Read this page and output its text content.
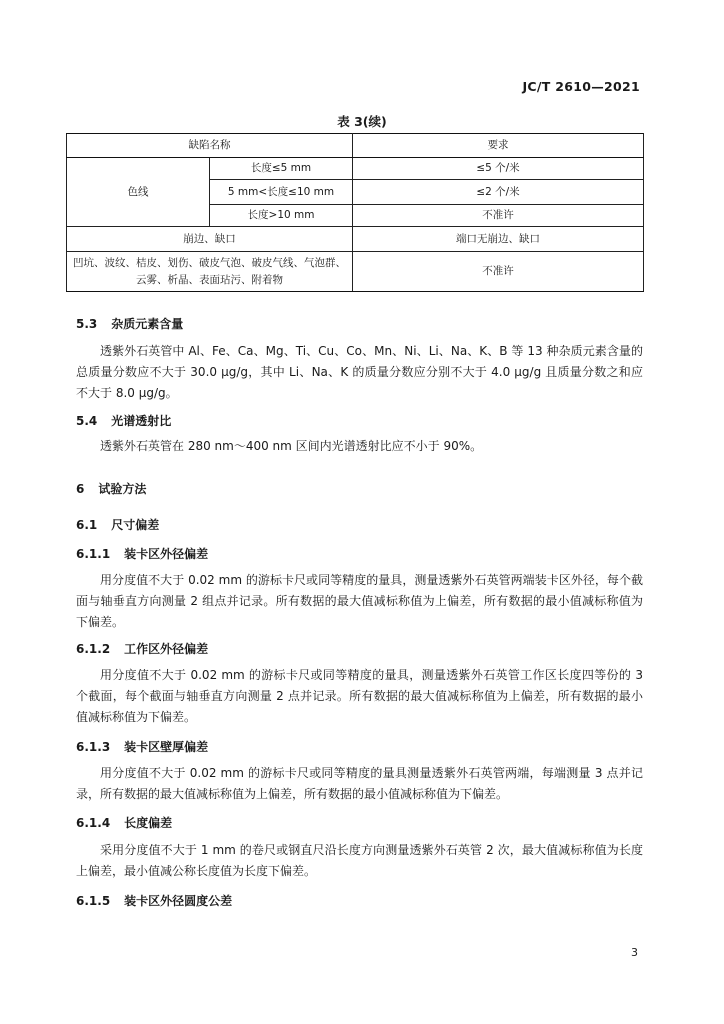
JC/T 2610—2021
表 3(续)
缺陷名称		要求
色线	长度≤5 mm	≤5 个/米
	5 mm<长度≤10 mm	≤2 个/米
	长度>10 mm	不准许
崩边、缺口		端口无崩边、缺口
凹坑、波纹、桔皮、划伤、破皮气泡、破皮气线、气泡群、云雾、析晶、表面玷污、附着物		不准许
5.3 杂质元素含量
透紫外石英管中 Al、Fe、Ca、Mg、Ti、Cu、Co、Mn、Ni、Li、Na、K、B 等 13 种杂质元素含量的总质量分数应不大于 30.0 μg/g，其中 Li、Na、K 的质量分数应分别不大于 4.0 μg/g 且质量分数之和应不大于 8.0 μg/g。
5.4 光谱透射比
透紫外石英管在 280 nm～400 nm 区间内光谱透射比应不小于 90%。
6 试验方法
6.1 尺寸偏差
6.1.1 装卡区外径偏差
用分度值不大于 0.02 mm 的游标卡尺或同等精度的量具，测量透紫外石英管两端装卡区外径，每个截面与轴垂直方向测量 2 组点并记录。所有数据的最大值减标称值为上偏差，所有数据的最小值减标称值为下偏差。
6.1.2 工作区外径偏差
用分度值不大于 0.02 mm 的游标卡尺或同等精度的量具，测量透紫外石英管工作区长度四等份的 3 个截面，每个截面与轴垂直方向测量 2 点并记录。所有数据的最大值减标称值为上偏差，所有数据的最小值减标称值为下偏差。
6.1.3 装卡区壁厚偏差
用分度值不大于 0.02 mm 的游标卡尺或同等精度的量具测量透紫外石英管两端，每端测量 3 点并记录，所有数据的最大值减标称值为上偏差，所有数据的最小值减标称值为下偏差。
6.1.4 长度偏差
采用分度值不大于 1 mm 的卷尺或钢直尺沿长度方向测量透紫外石英管 2 次，最大值减标称值为长度上偏差，最小值减公称长度值为长度下偏差。
6.1.5 装卡区外径圆度公差
3
